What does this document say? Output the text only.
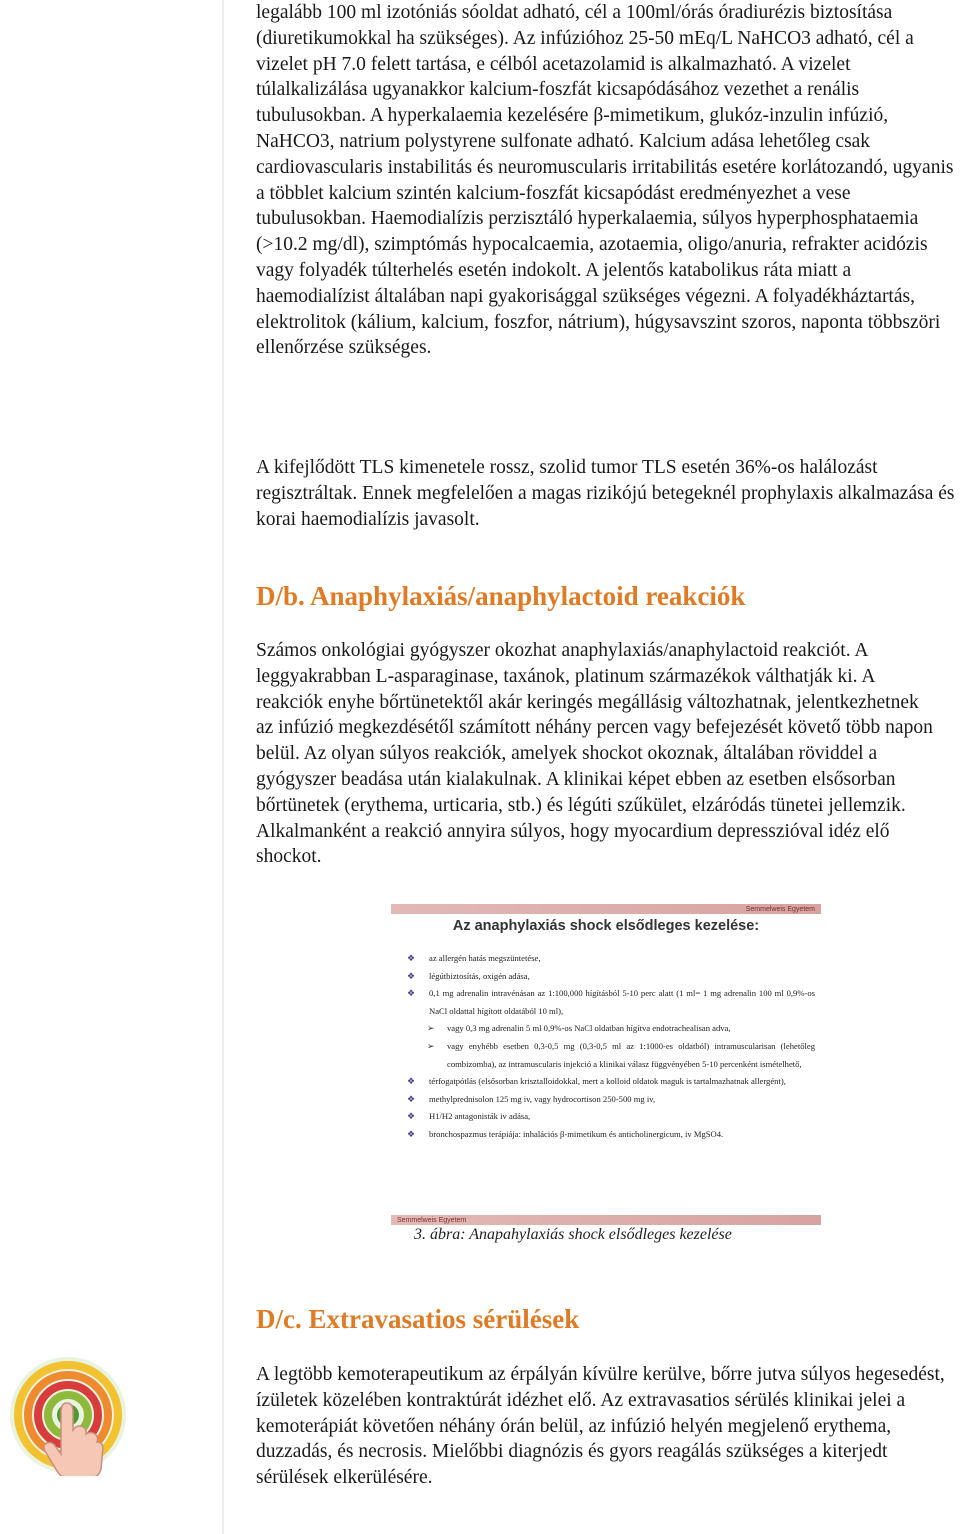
legalább 100 ml izotóniás sóoldat adható, cél a 100ml/órás óradiurézis biztosítása (diuretikumokkal ha szükséges). Az infúzióhoz 25-50 mEq/L NaHCO3 adható, cél a vizelet pH 7.0 felett tartása, e célból acetazolamid is alkalmazható. A vizelet túlalkalizálása ugyanakkor kalcium-foszfát kicsapódásához vezethet a renális tubulusokban. A hyperkalaemia kezelésére β-mimetikum, glukóz-inzulin infúzió, NaHCO3, natrium polystyrene sulfonate adható. Kalcium adása lehetőleg csak cardiovascularis instabilitás és neuromuscularis irritabilitás esetére korlátozandó, ugyanis a többlet kalcium szintén kalcium-foszfát kicsapódást eredményezhet a vese tubulusokban. Haemodialízis perzisztáló hyperkalaemia, súlyos hyperphosphataemia (>10.2 mg/dl), szimptómás hypocalcaemia, azotaemia, oligo/anuria, refrakter acidózis vagy folyadék túlterhelés esetén indokolt. A jelentős katabolikus ráta miatt a haemodialízist általában napi gyakorisággal szükséges végezni. A folyadékháztartás, elektrolitok (kálium, kalcium, foszfor, nátrium), húgysavszint szoros, naponta többszöri ellenőrzése szükséges.

A kifejlődött TLS kimenetele rossz, szolid tumor TLS esetén 36%-os halálozást regisztráltak. Ennek megfelelően a magas rizikójú betegeknél prophylaxis alkalmazása és korai haemodialízis javasolt.

D/b. Anaphylaxiás/anaphylactoid reakciók

Számos onkológiai gyógyszer okozhat anaphylaxiás/anaphylactoid reakciót. A leggyakrabban L-asparaginase, taxánok, platinum származékok válthatják ki. A reakciók enyhe bőrtünetektől akár keringés megállásig változhatnak, jelentkezhetnek az infúzió megkezdésétől számított néhány percen vagy befejezését követő több napon belül. Az olyan súlyos reakciók, amelyek shockot okoznak, általában röviddel a gyógyszer beadása után kialakulnak. A klinikai képet ebben az esetben elsősorban bőrtünetek (erythema, urticaria, stb.) és légúti szűkület, elzáródás tünetei jellemzik. Alkalmanként a reakció annyira súlyos, hogy myocardium depresszióval idéz elő shockot.

Semmelweis Egyetem
Az anaphylaxiás shock elsődleges kezelése:
❖ az allergén hatás megszüntetése,
❖ légútbiztosítás, oxigén adása,
❖ 0,1 mg adrenalin intravénásan az 1:100,000 hígításból 5-10 perc alatt (1 ml= 1 mg adrenalin 100 ml 0,9%-os NaCl oldattal hígított oldatából 10 ml),
➢ vagy 0,3 mg adrenalin 5 ml 0,9%-os NaCl oldatban hígítva endotrachealisan adva,
➢ vagy enyhébb esetben 0,3-0,5 mg (0,3-0,5 ml az 1:1000-es oldatból) intramuscularisan (lehetőleg combizomba), az intramuscularis injekció a klinikai válasz függvényében 5-10 percenként ismételhető,
❖ térfogatpótlás (elsősorban krisztalloidokkal, mert a kolloid oldatok maguk is tartalmazhatnak allergént),
❖ methylprednisolon 125 mg iv, vagy hydrocortison 250-500 mg iv,
❖ H1/H2 antagonisták iv adása,
❖ bronchospazmus terápiája: inhalációs β-mimetikum és anticholinergicum, iv MgSO4.
Semmelweis Egyetem
3. ábra: Anapahylaxiás shock elsődleges kezelése
D/c. Extravasatios sérülések

A legtöbb kemoterapeutikum az érpályán kívülre kerülve, bőrre jutva súlyos hegesedést, ízületek közelében kontraktúrát idézhet elő. Az extravasatios sérülés klinikai jelei a kemoterápiát követően néhány órán belül, az infúzió helyén megjelenő erythema, duzzadás, és necrosis. Mielőbbi diagnózis és gyors reagálás szükséges a kiterjedt sérülések elkerülésére.
